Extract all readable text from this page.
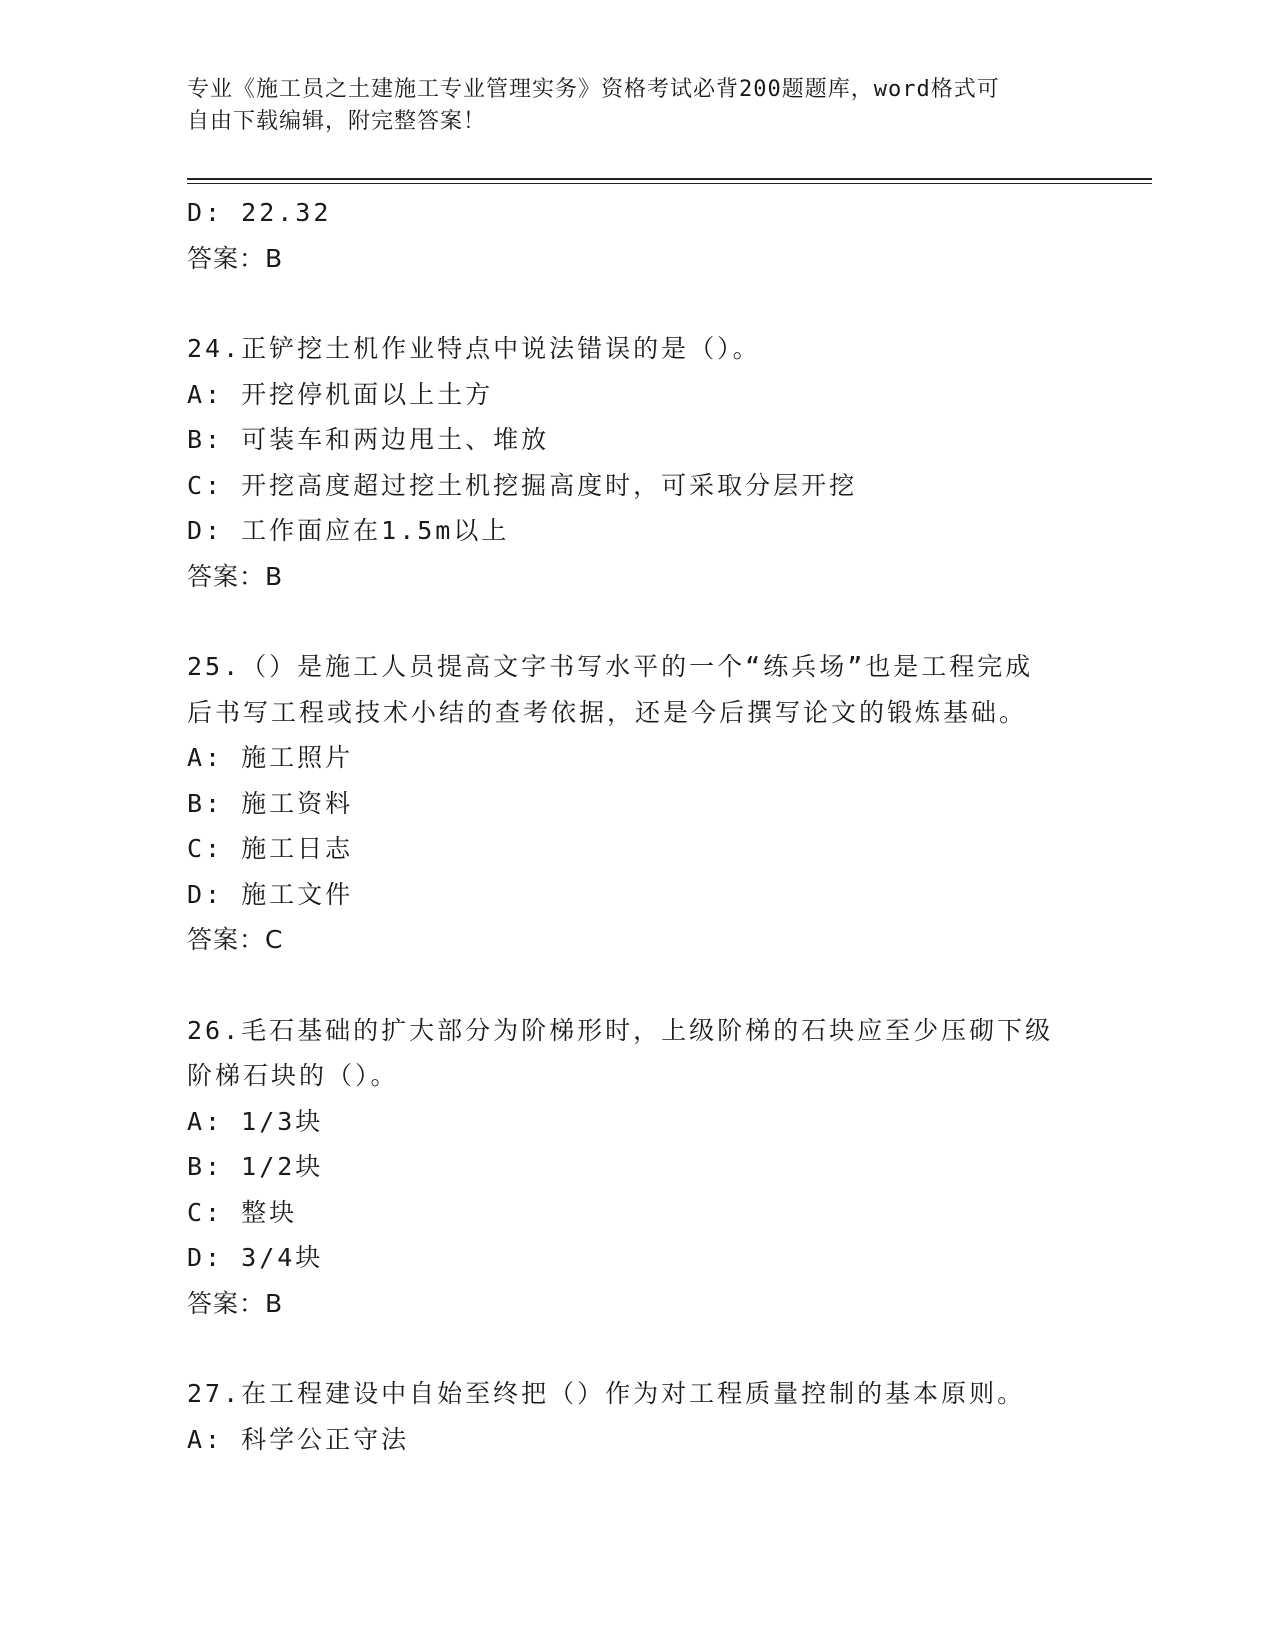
专业《施工员之土建施工专业管理实务》资格考试必背200题题库，word格式可
自由下载编辑，附完整答案！
D: 22.32
答案：B
24.正铲挖土机作业特点中说法错误的是（）。
A: 开挖停机面以上土方
B: 可装车和两边甩土、堆放
C: 开挖高度超过挖土机挖掘高度时，可采取分层开挖
D: 工作面应在1.5m以上
答案：B
25.（）是施工人员提高文字书写水平的一个“练兵场”也是工程完成
后书写工程或技术小结的查考依据，还是今后撰写论文的锻炼基础。
A: 施工照片
B: 施工资料
C: 施工日志
D: 施工文件
答案：C
26.毛石基础的扩大部分为阶梯形时，上级阶梯的石块应至少压砌下级
阶梯石块的（）。
A: 1/3块
B: 1/2块
C: 整块
D: 3/4块
答案：B
27.在工程建设中自始至终把（）作为对工程质量控制的基本原则。
A: 科学公正守法
